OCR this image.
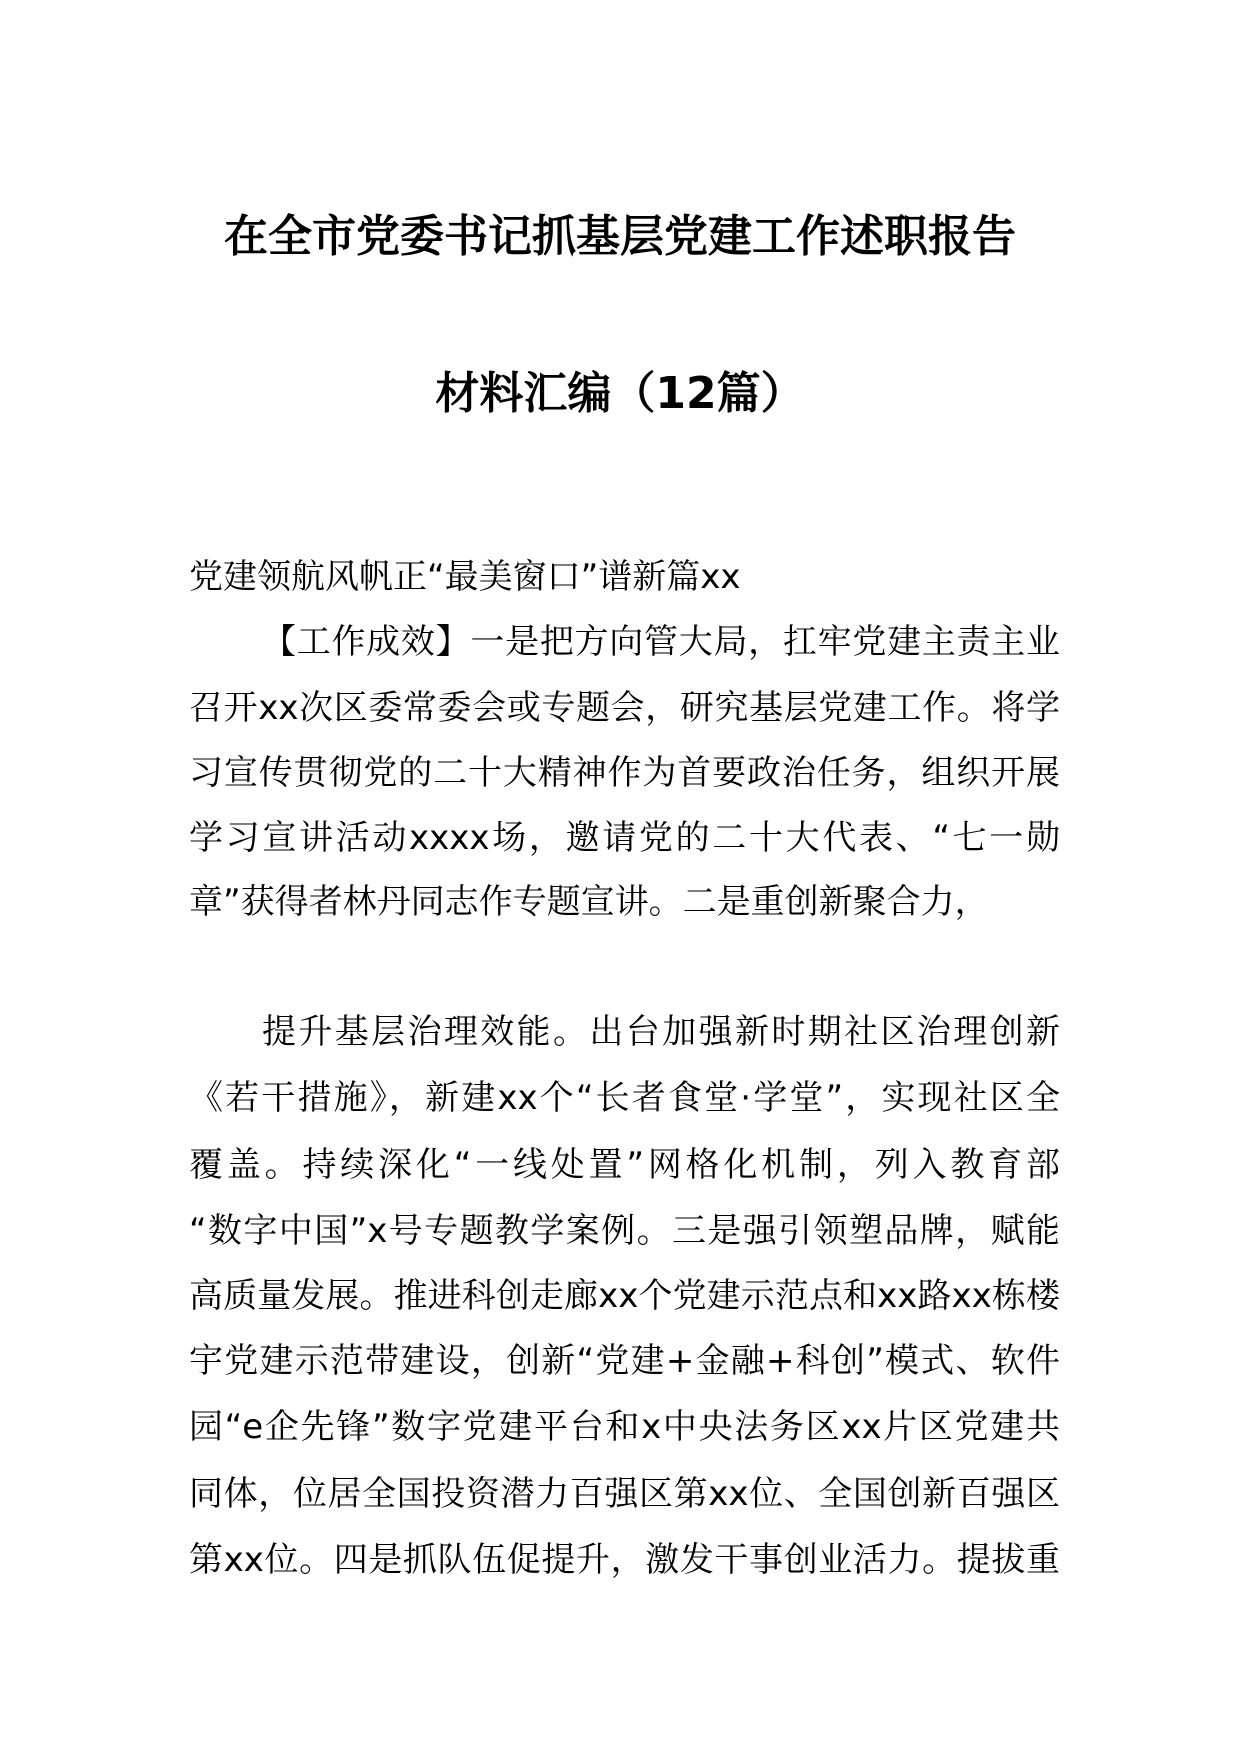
在全市党委书记抓基层党建工作述职报告
材料汇编（12篇）
党建领航风帆正“最美窗口”谱新篇xx
【工作成效】一是把方向管大局，扛牢党建主责主业
召开xx次区委常委会或专题会，研究基层党建工作。将学
习宣传贯彻党的二十大精神作为首要政治任务，组织开展
学习宣讲活动xxxx场，邀请党的二十大代表、“七一勋
章”获得者林丹同志作专题宣讲。二是重创新聚合力，
提升基层治理效能。出台加强新时期社区治理创新
《若干措施》，新建xx个“长者食堂·学堂”，实现社区全
覆盖。持续深化“一线处置”网格化机制，列入教育部
“数字中国”x号专题教学案例。三是强引领塑品牌，赋能
高质量发展。推进科创走廊xx个党建示范点和xx路xx栋楼
宇党建示范带建设，创新“党建+金融+科创”模式、软件
园“e企先锋”数字党建平台和x中央法务区xx片区党建共
同体，位居全国投资潜力百强区第xx位、全国创新百强区
第xx位。四是抓队伍促提升，激发干事创业活力。提拔重
